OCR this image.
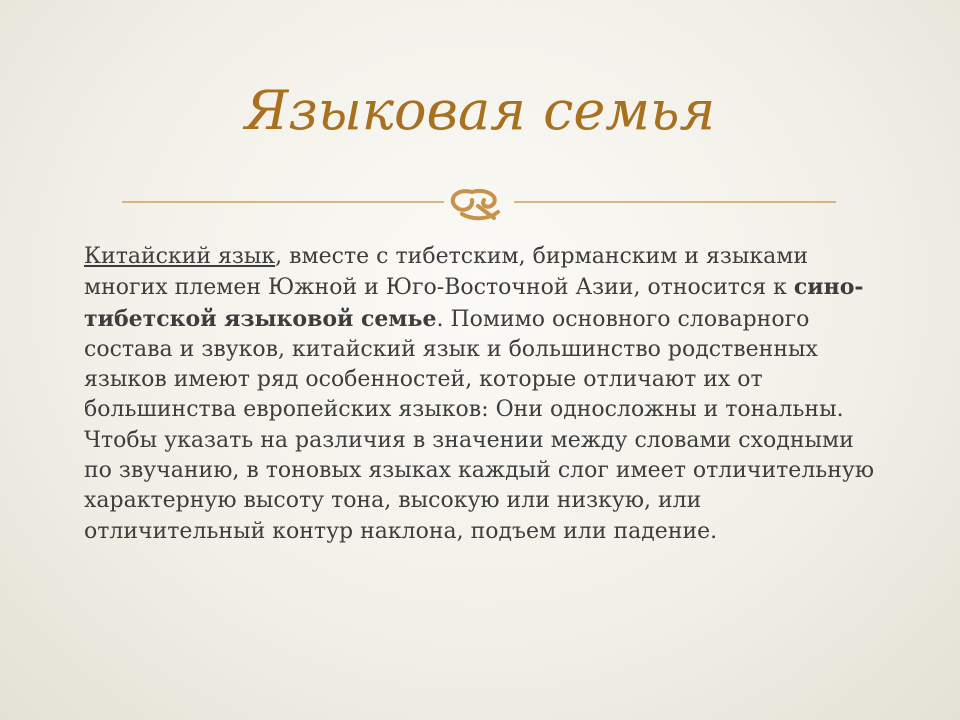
Языковая семья

Китайский язык, вместе с тибетским, бирманским и языками многих племен Южной и Юго-Восточной Азии, относится к сино-тибетской языковой семье. Помимо основного словарного состава и звуков, китайский язык и большинство родственных языков имеют ряд особенностей, которые отличают их от большинства европейских языков: Они односложны и тональны. Чтобы указать на различия в значении между словами сходными по звучанию, в тоновых языках каждый слог имеет отличительную характерную высоту тона, высокую или низкую, или отличительный контур наклона, подъем или падение.
